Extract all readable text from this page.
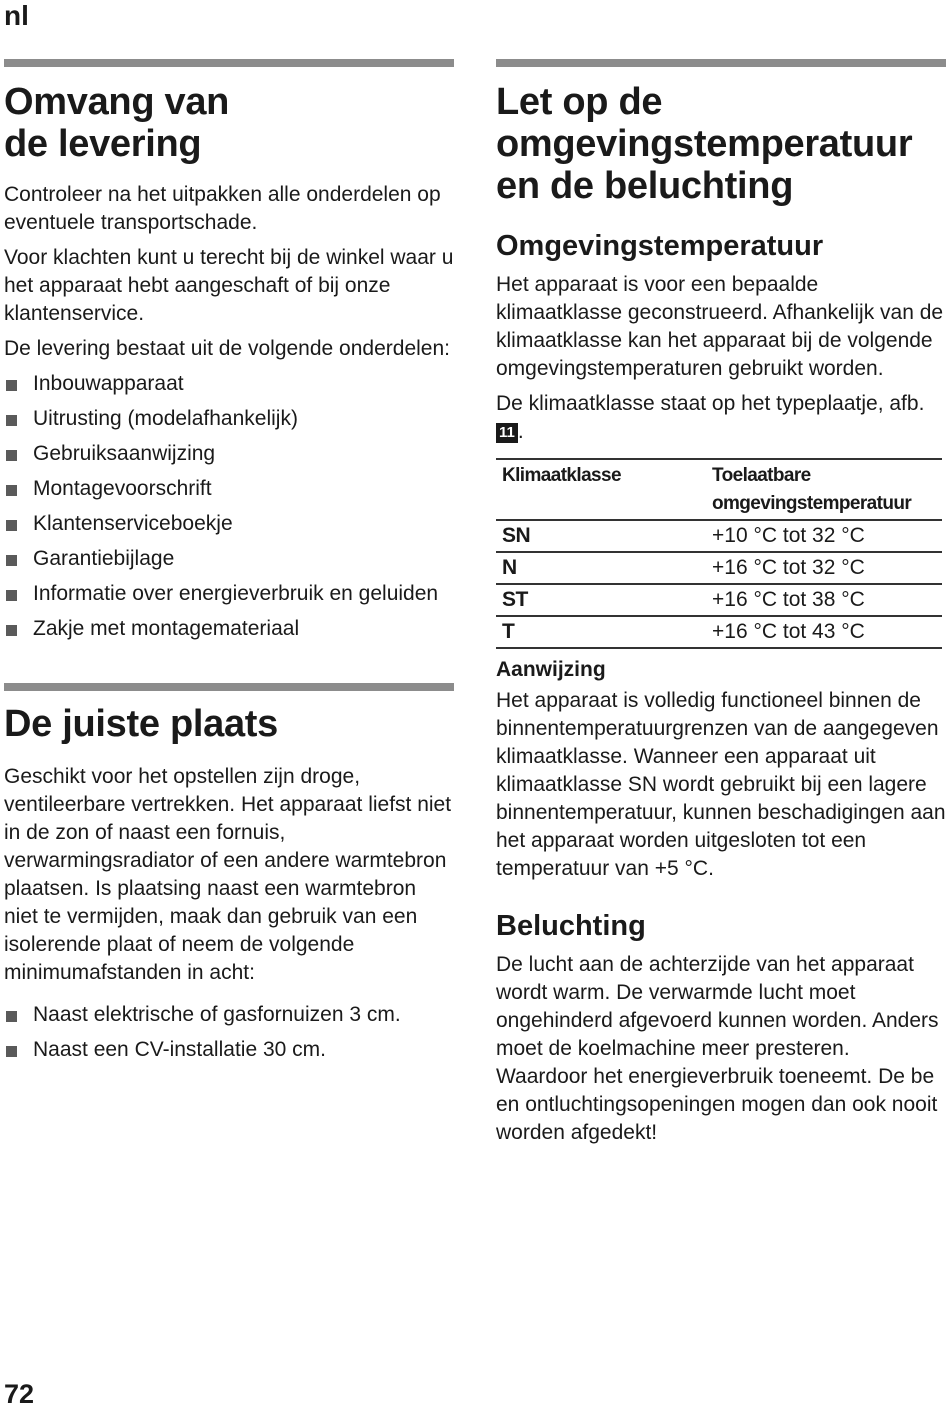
nl
Omvang van
de levering

Controleer na het uitpakken alle onderdelen op eventuele transportschade.

Voor klachten kunt u terecht bij de winkel waar u het apparaat hebt aangeschaft of bij onze klantenservice.

De levering bestaat uit de volgende onderdelen:

Inbouwapparaat
Uitrusting (modelafhankelijk)
Gebruiksaanwijzing
Montagevoorschrift
Klantenserviceboekje
Garantiebijlage
Informatie over energieverbruik en geluiden
Zakje met montagemateriaal
De juiste plaats

Geschikt voor het opstellen zijn droge, ventileerbare vertrekken. Het apparaat liefst niet in de zon of naast een fornuis, verwarmingsradiator of een andere warmtebron plaatsen. Is plaatsing naast een warmtebron niet te vermijden, maak dan gebruik van een isolerende plaat of neem de volgende minimumafstanden in acht:

Naast elektrische of gasfornuizen 3 cm.
Naast een CV-installatie 30 cm.
Let op de
omgevingstemperatuur
en de beluchting
Omgevingstemperatuur

Het apparaat is voor een bepaalde klimaatklasse geconstrueerd. Afhankelijk van de klimaatklasse kan het apparaat bij de volgende omgevingstemperaturen gebruikt worden.

De klimaatklasse staat op het typeplaatje, afb. 11 .

Klimaatklasse	Toelaatbare omgevingstemperatuur
SN	+10 °C tot 32 °C
N	+16 °C tot 32 °C
ST	+16 °C tot 38 °C
T	+16 °C tot 43 °C
Aanwijzing

Het apparaat is volledig functioneel binnen de binnentemperatuurgrenzen van de aangegeven klimaatklasse. Wanneer een apparaat uit klimaatklasse SN wordt gebruikt bij een lagere binnentemperatuur, kunnen beschadigingen aan het apparaat worden uitgesloten tot een temperatuur van +5 °C.

Beluchting

De lucht aan de achterzijde van het apparaat wordt warm. De verwarmde lucht moet ongehinderd afgevoerd kunnen worden. Anders moet de koelmachine meer presteren. Waardoor het energieverbruik toeneemt. De be en ontluchtingsopeningen mogen dan ook nooit worden afgedekt!

72
